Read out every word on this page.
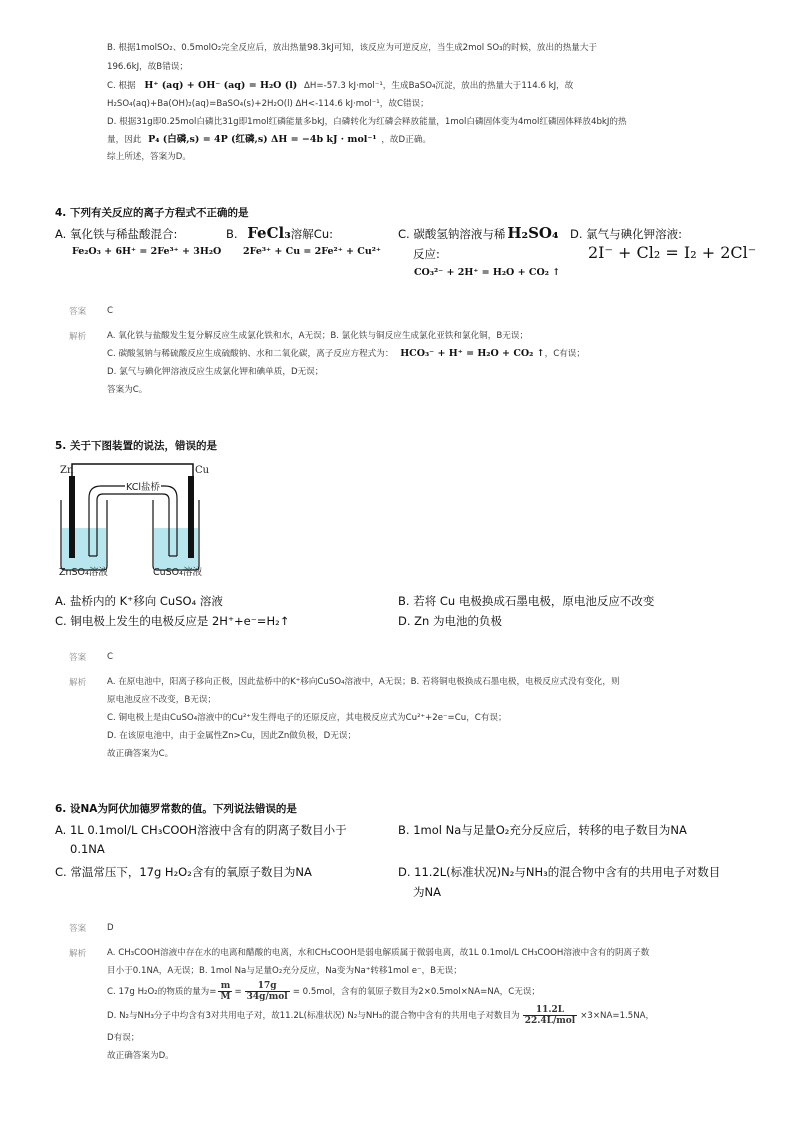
B. 根据1molSO₂、0.5molO₂完全反应后，放出热量98.3kJ可知，该反应为可逆反应，当生成2mol SO₃的时候，放出的热量大于
196.6kJ，故B错误；
C. 根据 H⁺ (aq) + OH⁻ (aq) = H₂O (l) ΔH=-57.3 kJ·mol⁻¹，生成BaSO₄沉淀，放出的热量大于114.6 kJ，故
H₂SO₄(aq)+Ba(OH)₂(aq)=BaSO₄(s)+2H₂O(l) ΔH<-114.6 kJ·mol⁻¹，故C错误；
D. 根据31g即0.25mol白磷比31g即1mol红磷能量多bkJ，白磷转化为红磷会释放能量，1mol白磷固体变为4mol红磷固体释放4bkJ的热
量，因此 P₄ (白磷,s) = 4P (红磷,s) ΔH = −4b kJ · mol⁻¹ ，故D正确。
综上所述，答案为D。
4. 下列有关反应的离子方程式不正确的是
A. 氧化铁与稀盐酸混合:
Fe₂O₃ + 6H⁺ = 2Fe³⁺ + 3H₂O
B. FeCl₃溶解Cu:
2Fe³⁺ + Cu = 2Fe²⁺ + Cu²⁺
C. 碳酸氢钠溶液与稀 H₂SO₄
反应:
CO₃²⁻ + 2H⁺ = H₂O + CO₂ ↑
D. 氯气与碘化钾溶液:
2I⁻ + Cl₂ = I₂ + 2Cl⁻
答案 C
解析 A. 氧化铁与盐酸发生复分解反应生成氯化铁和水，A无误；B. 氯化铁与铜反应生成氯化亚铁和氯化铜，B无误；
C. 碳酸氢钠与稀硫酸反应生成硫酸钠、水和二氧化碳，离子反应方程式为： HCO₃⁻ + H⁺ = H₂O + CO₂ ↑，C有误；
D. 氯气与碘化钾溶液反应生成氯化钾和碘单质，D无误；
答案为C。
5. 关于下图装置的说法，错误的是
Zn	Cu
KCl盐桥
ZnSO₄溶液	CuSO₄溶液
A. 盐桥内的 K⁺移向 CuSO₄ 溶液	B. 若将 Cu 电极换成石墨电极，原电池反应不改变
C. 铜电极上发生的电极反应是 2H⁺+e⁻=H₂↑	D. Zn 为电池的负极
答案 C
解析 A. 在原电池中，阳离子移向正极，因此盐桥中的K⁺移向CuSO₄溶液中，A无误；B. 若将铜电极换成石墨电极，电极反应式没有变化，则
原电池反应不改变，B无误；
C. 铜电极上是由CuSO₄溶液中的Cu²⁺发生得电子的还原反应，其电极反应式为Cu²⁺+2e⁻=Cu，C有误；
D. 在该原电池中，由于金属性Zn>Cu，因此Zn做负极，D无误；
故正确答案为C。
6. 设NA为阿伏加德罗常数的值。下列说法错误的是
A. 1L 0.1mol/L CH₃COOH溶液中含有的阴离子数目小于
0.1NA
B. 1mol Na与足量O₂充分反应后，转移的电子数目为NA
C. 常温常压下，17g H₂O₂含有的氧原子数目为NA	D. 11.2L(标准状况)N₂与NH₃的混合物中含有的共用电子对数目
为NA
答案 D
解析 A. CH₃COOH溶液中存在水的电离和醋酸的电离，水和CH₃COOH是弱电解质属于微弱电离，故1L 0.1mol/L CH₃COOH溶液中含有的阴离子数
目小于0.1NA，A无误；B. 1mol Na与足量O₂充分反应，Na变为Na⁺转移1mol e⁻，B无误；
C. 17g H₂O₂的物质的量为= $\frac{m}{M}$ =
17g
34g/mol
= 0.5mol，含有的氧原子数目为2×0.5mol×NA=NA，C无误；
D. N₂与NH₃分子中均含有3对共用电子对，故11.2L(标准状况) N₂与NH₃的混合物中含有的共用电子对数目为
11.2L
22.4L/mol
×3×NA=1.5NA，
D有误；
故正确答案为D。
